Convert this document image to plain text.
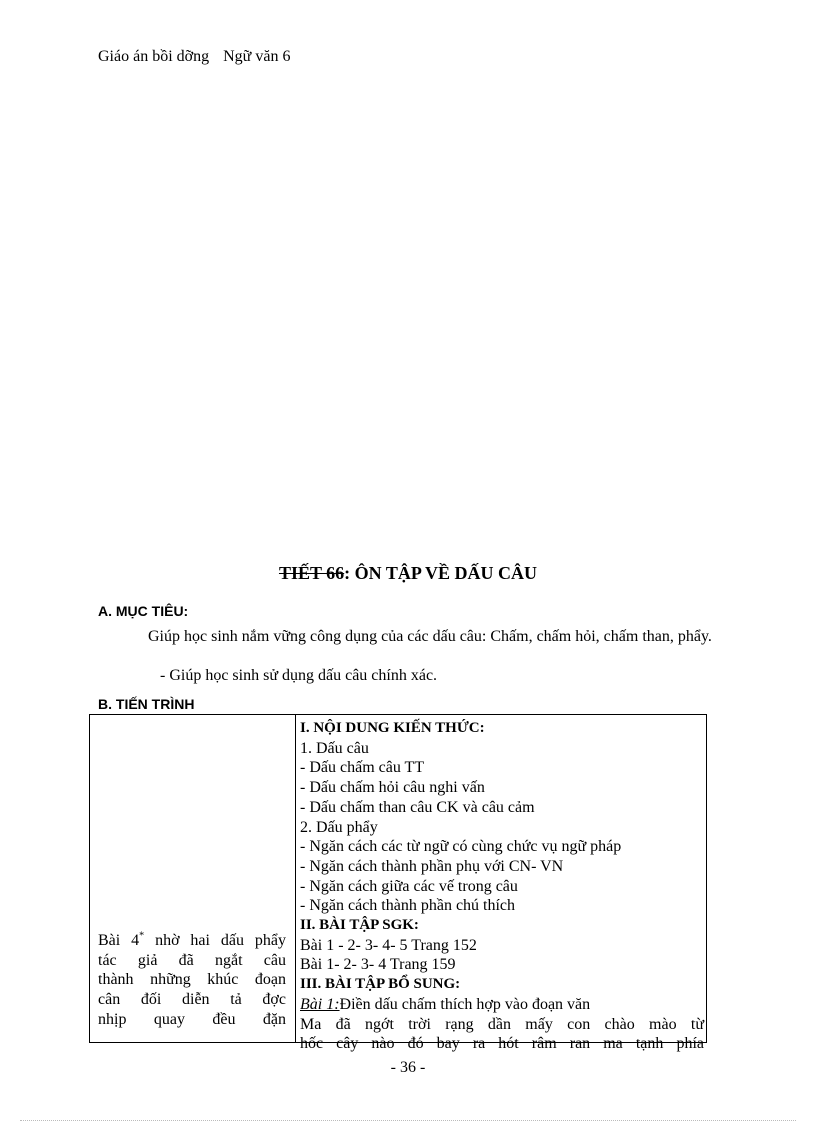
Giáo án bồi dỡng Ngữ văn 6
TIẾT 66: ÔN TẬP VỀ DẤU CÂU
A. MỤC TIÊU:
Giúp học sinh nắm vững công dụng của các dấu câu: Chấm, chấm hỏi, chấm than, phẩy.
- Giúp học sinh sử dụng dấu câu chính xác.
B. TIẾN TRÌNH
Bài 4* nhờ hai dấu phẩy
tác giả đã ngắt câu
thành những khúc đoạn
cân đối diễn tả đợc
nhịp quay đều đặn
I. NỘI DUNG KIẾN THỨC:
1. Dấu câu
- Dấu chấm câu TT
- Dấu chấm hỏi câu nghi vấn
- Dấu chấm than câu CK và câu cảm
2. Dấu phẩy
- Ngăn cách các từ ngữ có cùng chức vụ ngữ pháp
- Ngăn cách thành phần phụ với CN- VN
- Ngăn cách giữa các vế trong câu
- Ngăn cách thành phần chú thích
II. BÀI TẬP SGK:
Bài 1 - 2- 3- 4- 5 Trang 152
Bài 1- 2- 3- 4 Trang 159
III. BÀI TẬP BỔ SUNG:
Bài 1:Điền dấu chấm thích hợp vào đoạn văn
Ma đã ngớt trời rạng dần mấy con chào mào từ
hốc cây nào đó bay ra hót râm ran ma tạnh phía
- 36 -
